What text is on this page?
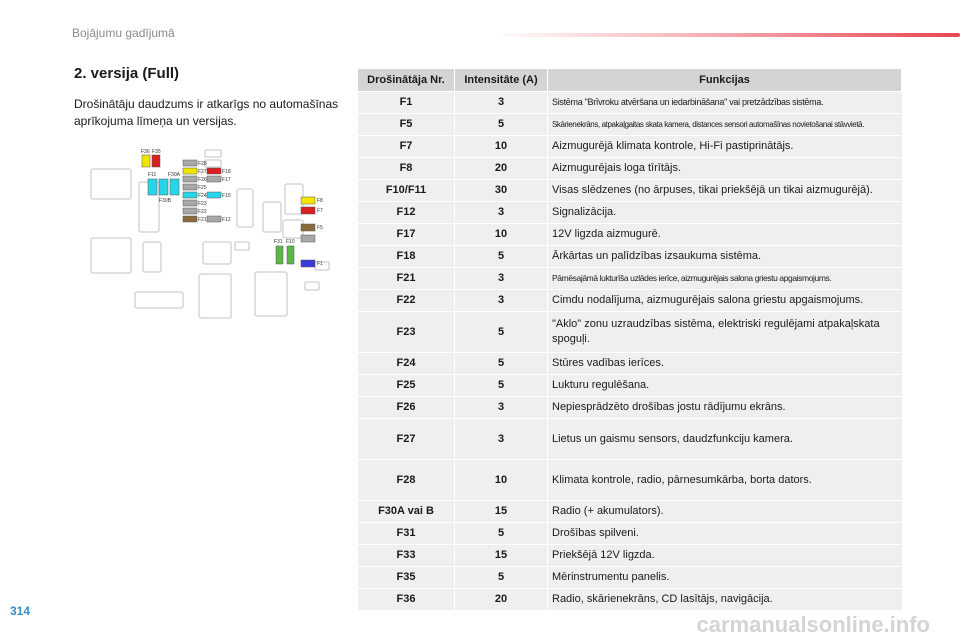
Bojājumu gadījumā
2. versija (Full)
Drošinātāju daudzums ir atkarīgs no automašīnas aprīkojuma līmeņa un versijas.
F36 F35
F11 F30A
F30B
F28
F27
F26
F25
F24
F23
F22
F21
F18
F17
F15
F12
F8
F7
F5
F1
F31 F10
Drošinātāja Nr.	Intensitāte (A)	Funkcijas
F1	3	Sistēma "Brīvroku atvēršana un iedarbināšana" vai pretzādzības sistēma.
F5	5	Skārienekrāns, atpakaļgaitas skata kamera, distances sensori automašīnas novietošanai stāvvietā.
F7	10	Aizmugurējā klimata kontrole, Hi-Fi pastiprinātājs.
F8	20	Aizmugurējais loga tīrītājs.
F10/F11	30	Visas slēdzenes (no ārpuses, tikai priekšējā un tikai aizmugurējā).
F12	3	Signalizācija.
F17	10	12V ligzda aizmugurē.
F18	5	Ārkārtas un palīdzības izsaukuma sistēma.
F21	3	Pārnēsajāmā lukturīša uzlādes ierīce, aizmugurējais salona griestu apgaismojums.
F22	3	Cimdu nodalījuma, aizmugurējais salona griestu apgaismojums.
F23	5	"Aklo" zonu uzraudzības sistēma, elektriski regulējami atpakaļskata spoguļi.
F24	5	Stūres vadības ierīces.
F25	5	Lukturu regulēšana.
F26	3	Nepiesprādzēto drošības jostu rādījumu ekrāns.
F27	3	Lietus un gaismu sensors, daudzfunkciju kamera.
F28	10	Klimata kontrole, radio, pārnesumkārba, borta dators.
F30A vai B	15	Radio (+ akumulators).
F31	5	Drošības spilveni.
F33	15	Priekšējā 12V ligzda.
F35	5	Mērinstrumentu panelis.
F36	20	Radio, skārienekrāns, CD lasītājs, navigācija.
314
carmanualsonline.info
